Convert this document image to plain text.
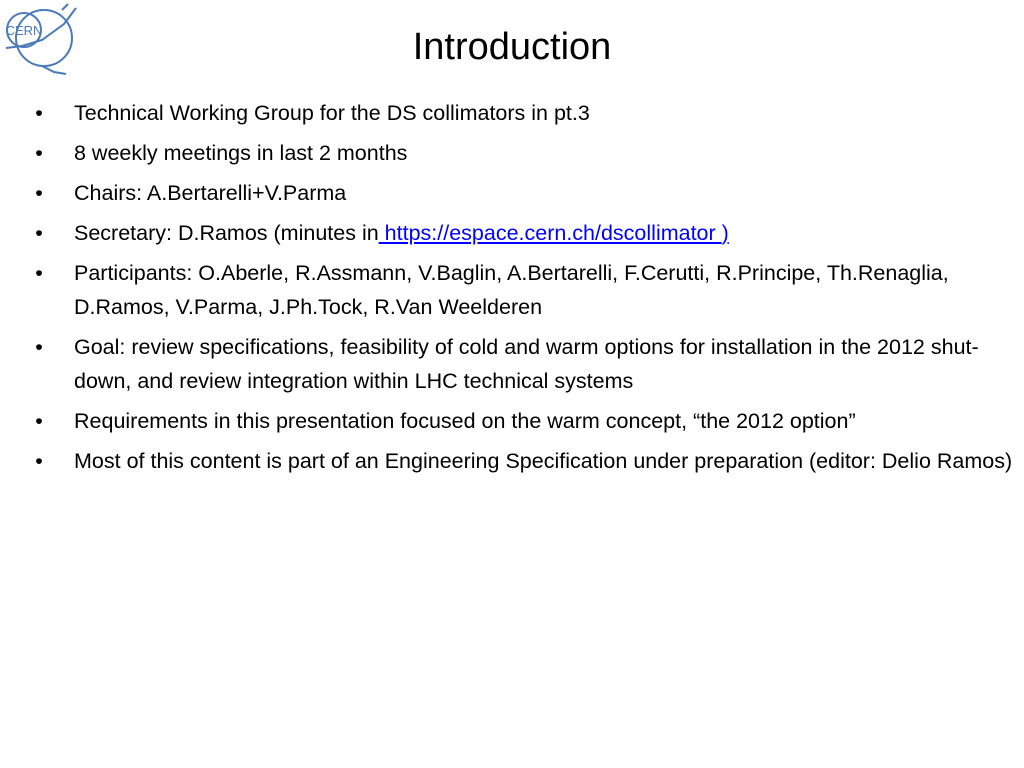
CERN	Introduction
• Technical Working Group for the DS collimators in pt.3
• 8 weekly meetings in last 2 months
• Chairs: A.Bertarelli+V.Parma
• Secretary: D.Ramos (minutes in https://espace.cern.ch/dscollimator )
• Participants: O.Aberle, R.Assmann, V.Baglin, A.Bertarelli, F.Cerutti, R.Principe, Th.Renaglia, D.Ramos, V.Parma, J.Ph.Tock, R.Van Weelderen
• Goal: review specifications, feasibility of cold and warm options for installation in the 2012 shut-down, and review integration within LHC technical systems
• Requirements in this presentation focused on the warm concept, “the 2012 option”
• Most of this content is part of an Engineering Specification under preparation (editor: Delio Ramos)
